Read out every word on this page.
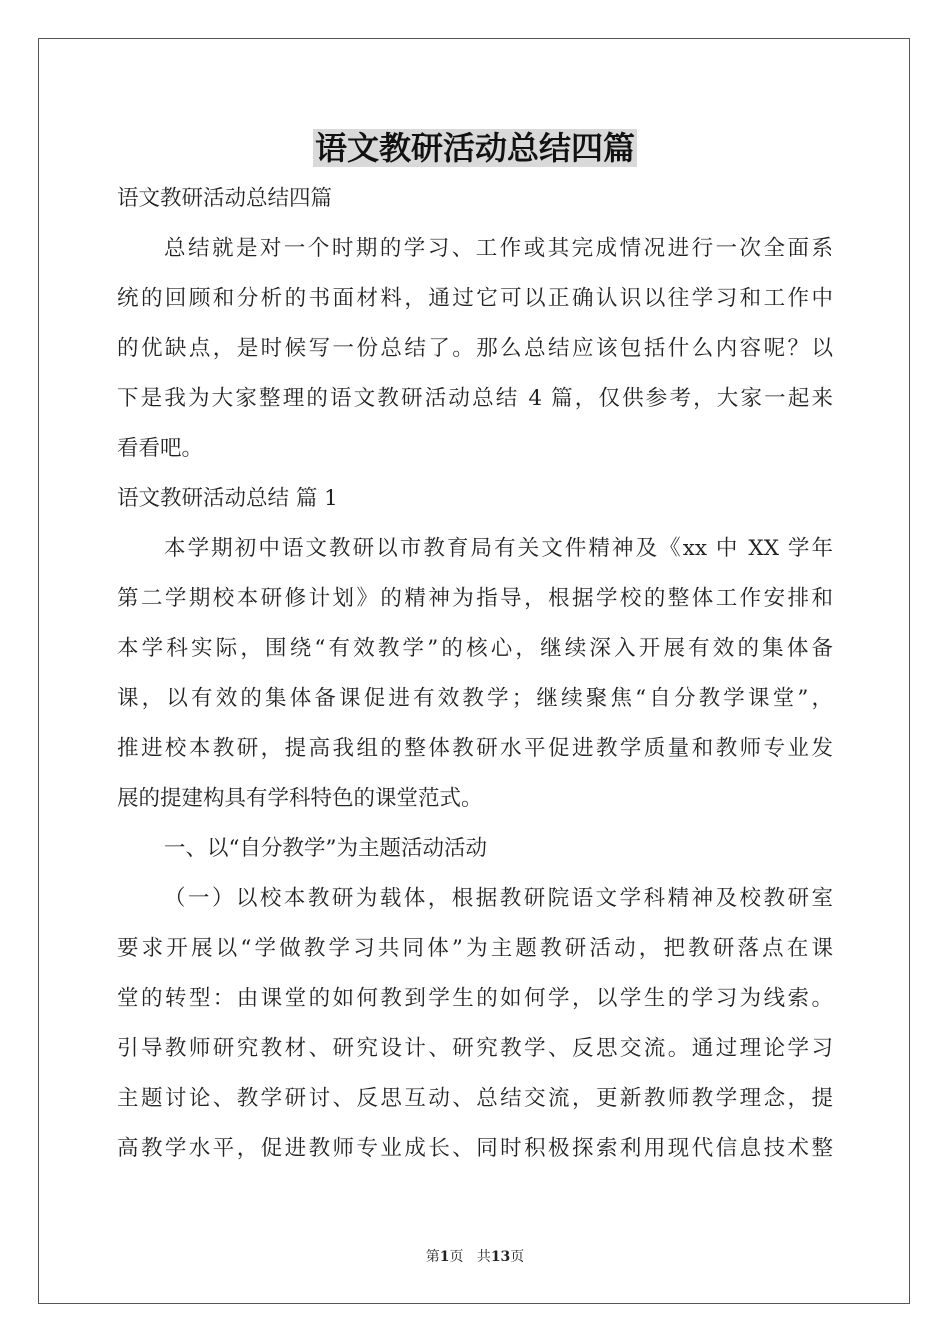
语文教研活动总结四篇
语文教研活动总结四篇
总结就是对一个时期的学习、工作或其完成情况进行一次全面系
统的回顾和分析的书面材料，通过它可以正确认识以往学习和工作中
的优缺点，是时候写一份总结了。那么总结应该包括什么内容呢？以
下是我为大家整理的语文教研活动总结 4 篇，仅供参考，大家一起来
看看吧。
语文教研活动总结 篇 1
本学期初中语文教研以市教育局有关文件精神及《xx 中 XX 学年
第二学期校本研修计划》的精神为指导，根据学校的整体工作安排和
本学科实际，围绕“有效教学”的核心，继续深入开展有效的集体备
课，以有效的集体备课促进有效教学；继续聚焦“自分教学课堂”，
推进校本教研，提高我组的整体教研水平促进教学质量和教师专业发
展的提建构具有学科特色的课堂范式。
一、以“自分教学”为主题活动活动
（一）以校本教研为载体，根据教研院语文学科精神及校教研室
要求开展以“学做教学习共同体”为主题教研活动，把教研落点在课
堂的转型：由课堂的如何教到学生的如何学，以学生的学习为线索。
引导教师研究教材、研究设计、研究教学、反思交流。通过理论学习
主题讨论、教学研讨、反思互动、总结交流，更新教师教学理念，提
高教学水平，促进教师专业成长、同时积极探索利用现代信息技术整
第1页 共13页
